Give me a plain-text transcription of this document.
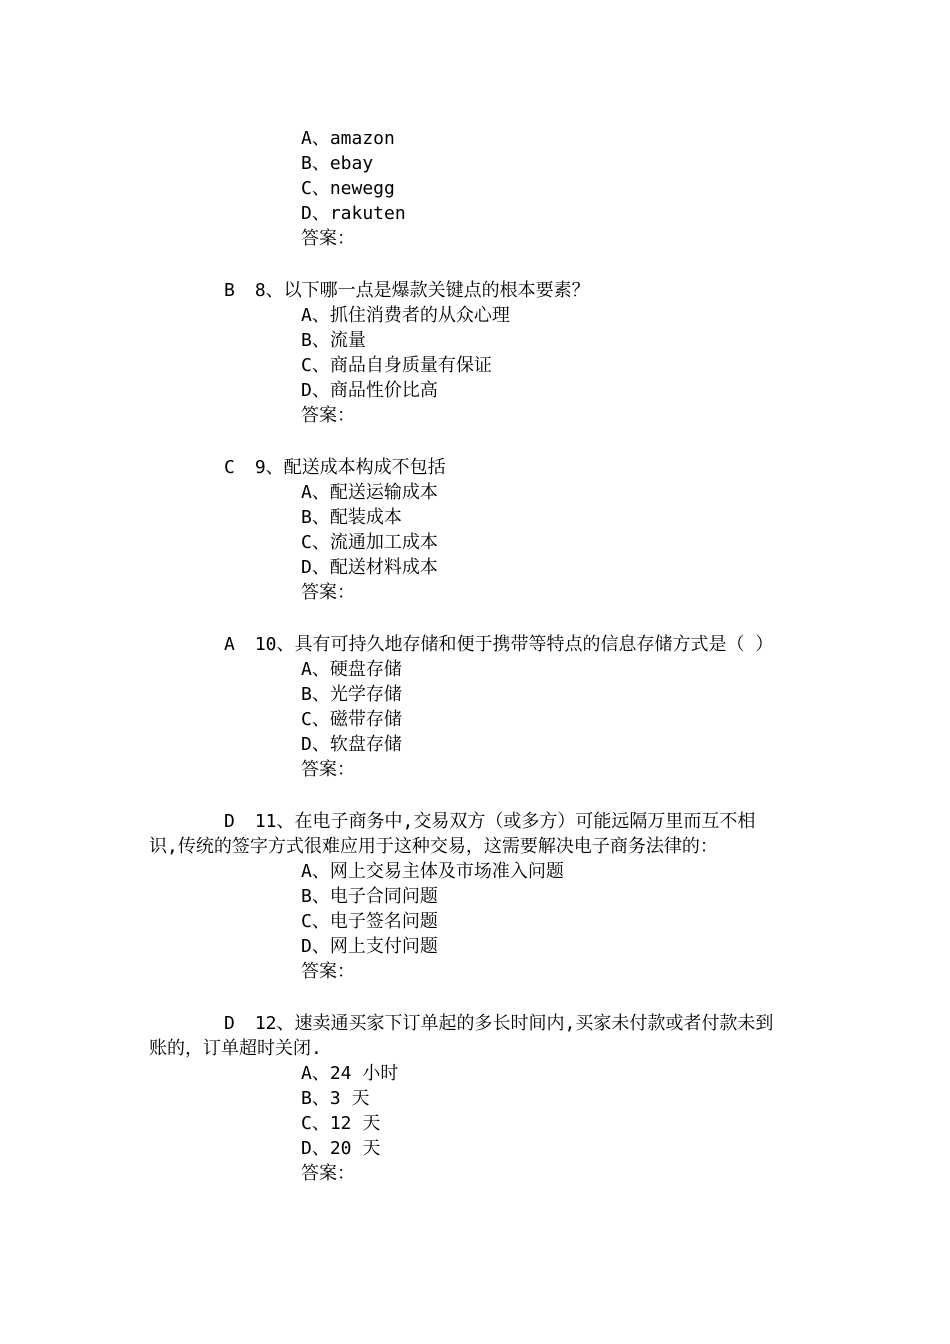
A、amazon
B、ebay
C、newegg
D、rakuten
答案：
B 8、以下哪一点是爆款关键点的根本要素？
A、抓住消费者的从众心理
B、流量
C、商品自身质量有保证
D、商品性价比高
答案：
C 9、配送成本构成不包括
A、配送运输成本
B、配装成本
C、流通加工成本
D、配送材料成本
答案：
A 10、具有可持久地存储和便于携带等特点的信息存储方式是（ ）
A、硬盘存储
B、光学存储
C、磁带存储
D、软盘存储
答案：
D 11、在电子商务中,交易双方（或多方）可能远隔万里而互不相
识,传统的签字方式很难应用于这种交易，这需要解决电子商务法律的：
A、网上交易主体及市场准入问题
B、电子合同问题
C、电子签名问题
D、网上支付问题
答案：
D 12、速卖通买家下订单起的多长时间内,买家未付款或者付款未到
账的，订单超时关闭.
A、24 小时
B、3 天
C、12 天
D、20 天
答案：
